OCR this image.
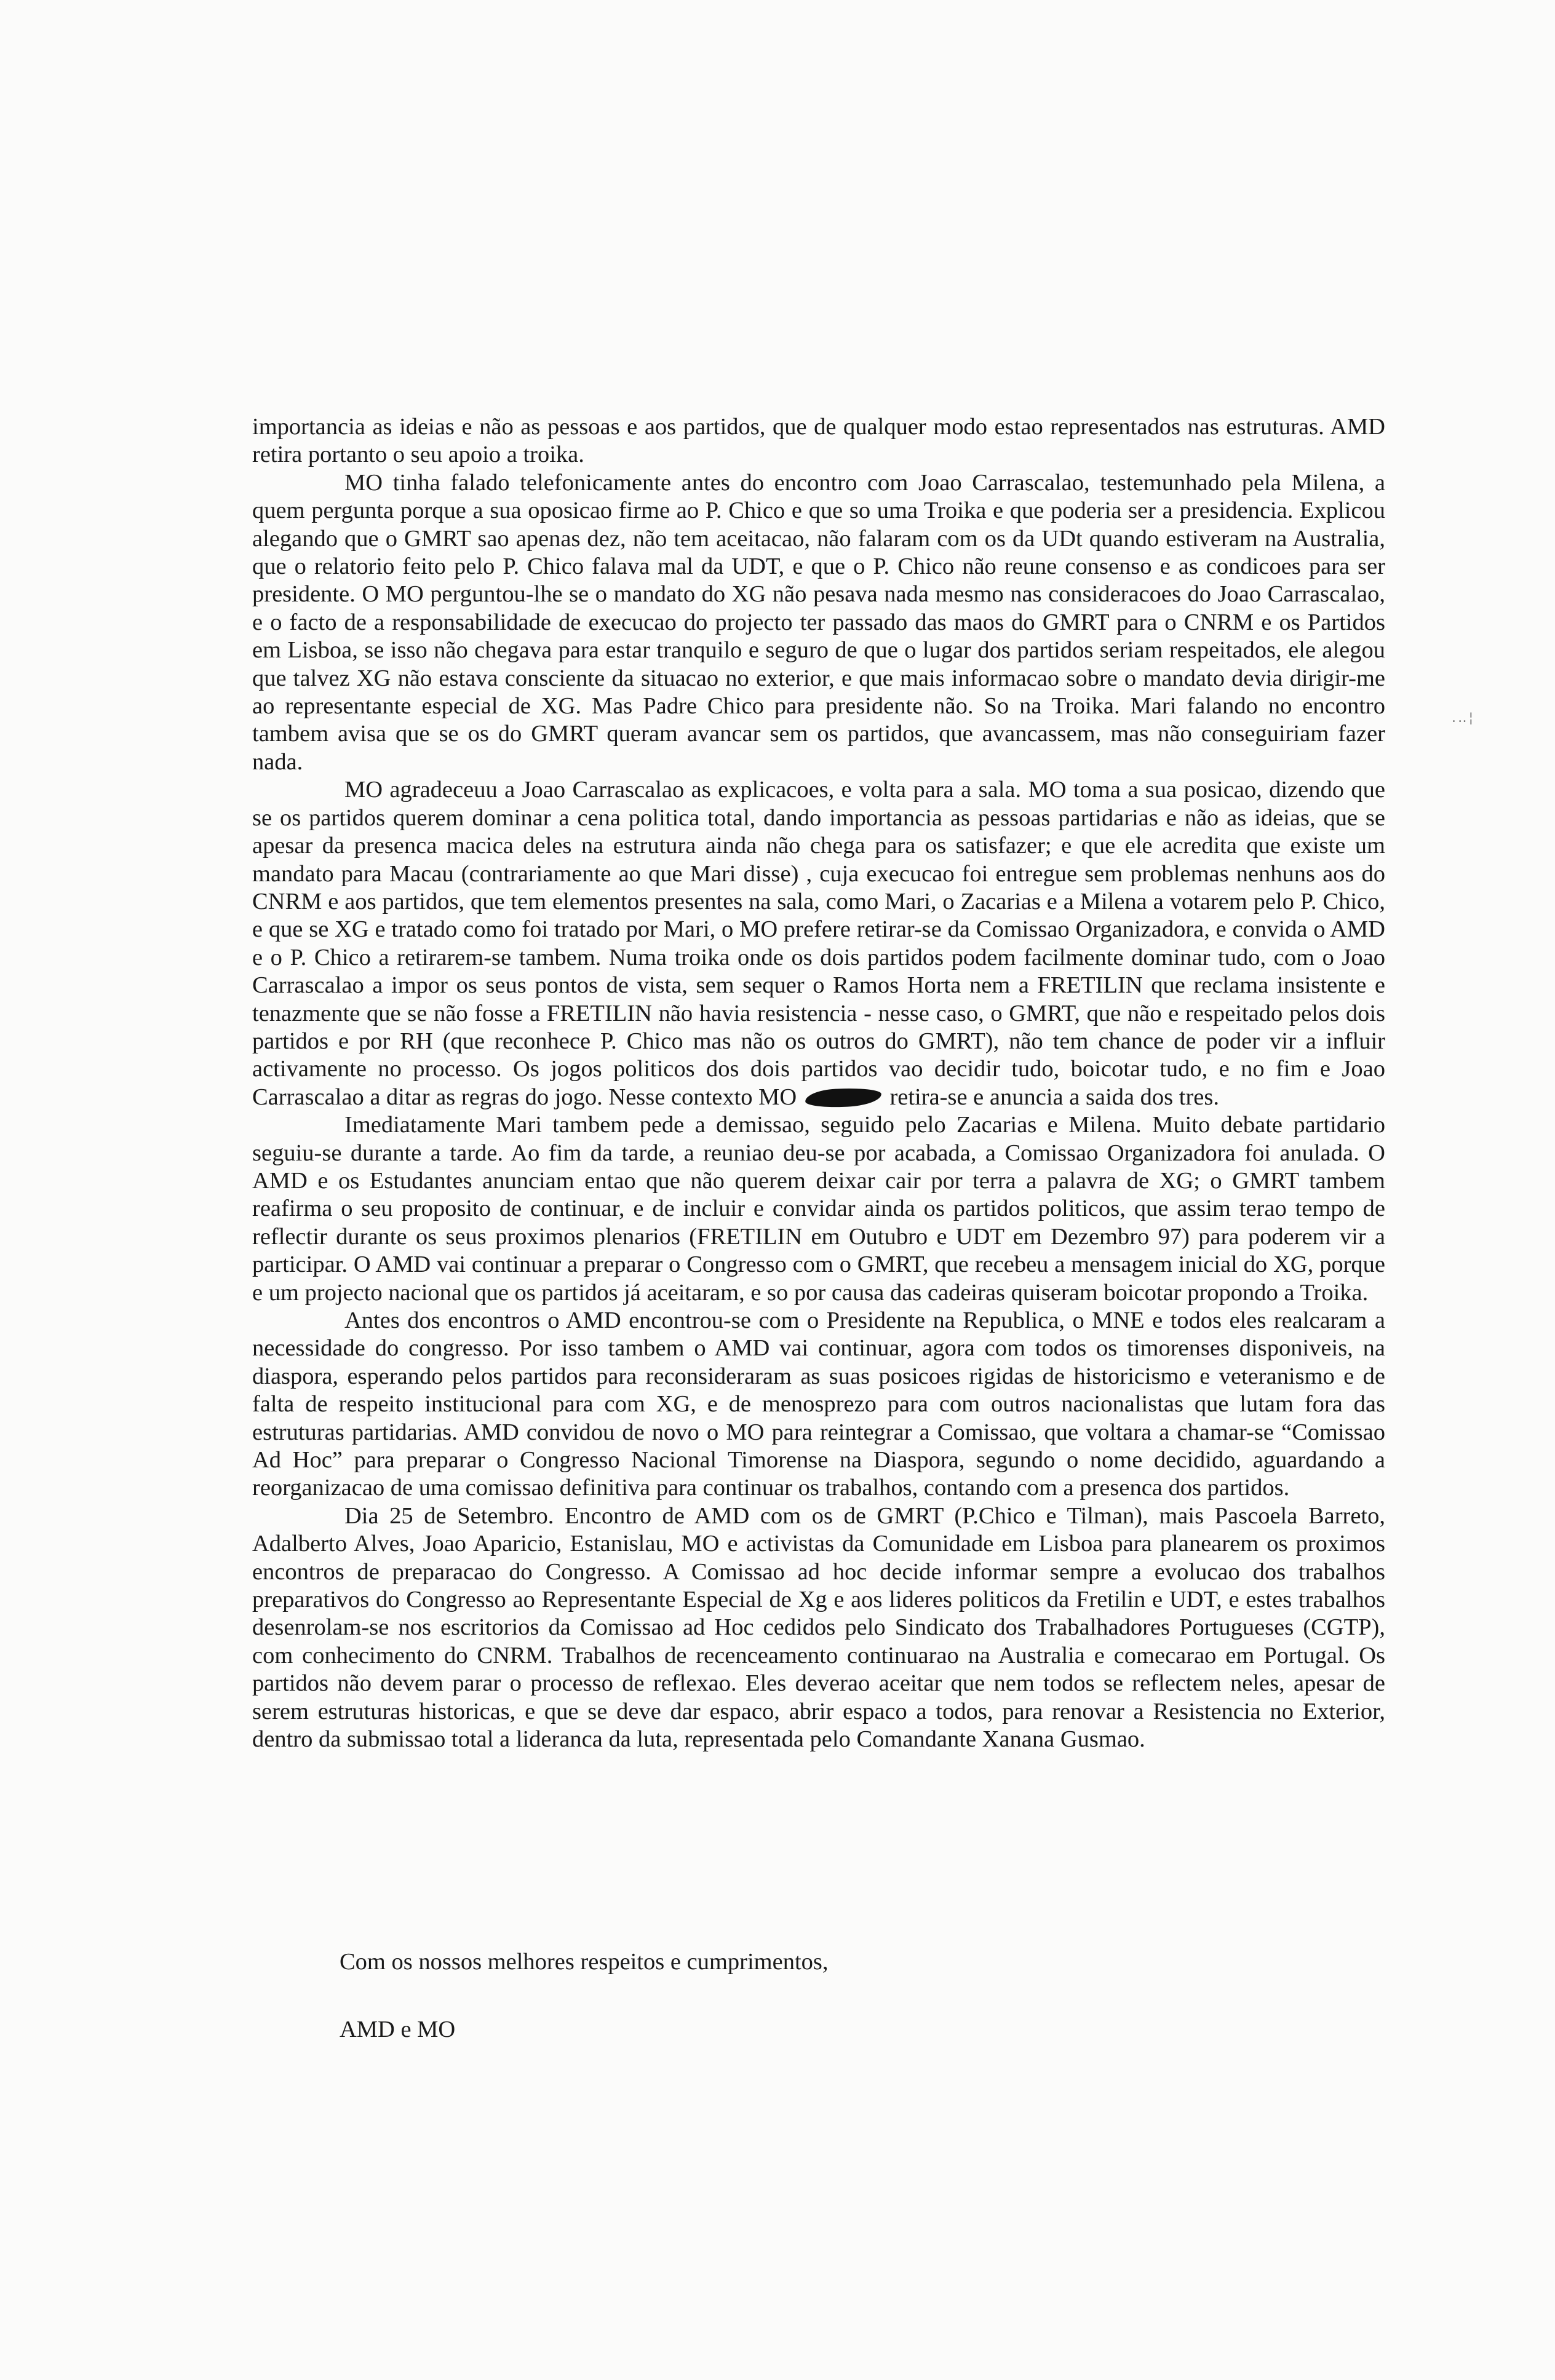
importancia as ideias e não as pessoas e aos partidos, que de qualquer modo estao representados nas estruturas. AMD retira portanto o seu apoio a troika.

MO tinha falado telefonicamente antes do encontro com Joao Carrascalao, testemunhado pela Milena, a quem pergunta porque a sua oposicao firme ao P. Chico e que so uma Troika e que poderia ser a presidencia. Explicou alegando que o GMRT sao apenas dez, não tem aceitacao, não falaram com os da UDt quando estiveram na Australia, que o relatorio feito pelo P. Chico falava mal da UDT, e que o P. Chico não reune consenso e as condicoes para ser presidente. O MO perguntou-lhe se o mandato do XG não pesava nada mesmo nas consideracoes do Joao Carrascalao, e o facto de a responsabilidade de execucao do projecto ter passado das maos do GMRT para o CNRM e os Partidos em Lisboa, se isso não chegava para estar tranquilo e seguro de que o lugar dos partidos seriam respeitados, ele alegou que talvez XG não estava consciente da situacao no exterior, e que mais informacao sobre o mandato devia dirigir-me ao representante especial de XG. Mas Padre Chico para presidente não. So na Troika. Mari falando no encontro tambem avisa que se os do GMRT queram avancar sem os partidos, que avancassem, mas não conseguiriam fazer nada.

MO agradeceuu a Joao Carrascalao as explicacoes, e volta para a sala. MO toma a sua posicao, dizendo que se os partidos querem dominar a cena politica total, dando importancia as pessoas partidarias e não as ideias, que se apesar da presenca macica deles na estrutura ainda não chega para os satisfazer; e que ele acredita que existe um mandato para Macau (contrariamente ao que Mari disse) , cuja execucao foi entregue sem problemas nenhuns aos do CNRM e aos partidos, que tem elementos presentes na sala, como Mari, o Zacarias e a Milena a votarem pelo P. Chico, e que se XG e tratado como foi tratado por Mari, o MO prefere retirar-se da Comissao Organizadora, e convida o AMD e o P. Chico a retirarem-se tambem. Numa troika onde os dois partidos podem facilmente dominar tudo, com o Joao Carrascalao a impor os seus pontos de vista, sem sequer o Ramos Horta nem a FRETILIN que reclama insistente e tenazmente que se não fosse a FRETILIN não havia resistencia - nesse caso, o GMRT, que não e respeitado pelos dois partidos e por RH (que reconhece P. Chico mas não os outros do GMRT), não tem chance de poder vir a influir activamente no processo. Os jogos politicos dos dois partidos vao decidir tudo, boicotar tudo, e no fim e Joao Carrascalao a ditar as regras do jogo. Nesse contexto MO	retira-se e anuncia a saida dos tres.

Imediatamente Mari tambem pede a demissao, seguido pelo Zacarias e Milena. Muito debate partidario seguiu-se durante a tarde. Ao fim da tarde, a reuniao deu-se por acabada, a Comissao Organizadora foi anulada. O AMD e os Estudantes anunciam entao que não querem deixar cair por terra a palavra de XG; o GMRT tambem reafirma o seu proposito de continuar, e de incluir e convidar ainda os partidos politicos, que assim terao tempo de reflectir durante os seus proximos plenarios (FRETILIN em Outubro e UDT em Dezembro 97) para poderem vir a participar. O AMD vai continuar a preparar o Congresso com o GMRT, que recebeu a mensagem inicial do XG, porque e um projecto nacional que os partidos já aceitaram, e so por causa das cadeiras quiseram boicotar propondo a Troika.

Antes dos encontros o AMD encontrou-se com o Presidente na Republica, o MNE e todos eles realcaram a necessidade do congresso. Por isso tambem o AMD vai continuar, agora com todos os timorenses disponiveis, na diaspora, esperando pelos partidos para reconsideraram as suas posicoes rigidas de historicismo e veteranismo e de falta de respeito institucional para com XG, e de menosprezo para com outros nacionalistas que lutam fora das estruturas partidarias. AMD convidou de novo o MO para reintegrar a Comissao, que voltara a chamar-se “Comissao Ad Hoc” para preparar o Congresso Nacional Timorense na Diaspora, segundo o nome decidido, aguardando a reorganizacao de uma comissao definitiva para continuar os trabalhos, contando com a presenca dos partidos.

Dia 25 de Setembro. Encontro de AMD com os de GMRT (P.Chico e Tilman), mais Pascoela Barreto, Adalberto Alves, Joao Aparicio, Estanislau, MO e activistas da Comunidade em Lisboa para planearem os proximos encontros de preparacao do Congresso. A Comissao ad hoc decide informar sempre a evolucao dos trabalhos preparativos do Congresso ao Representante Especial de Xg e aos lideres politicos da Fretilin e UDT, e estes trabalhos desenrolam-se nos escritorios da Comissao ad Hoc cedidos pelo Sindicato dos Trabalhadores Portugueses (CGTP), com conhecimento do CNRM. Trabalhos de recenceamento continuarao na Australia e comecarao em Portugal. Os partidos não devem parar o processo de reflexao. Eles deverao aceitar que nem todos se reflectem neles, apesar de serem estruturas historicas, e que se deve dar espaco, abrir espaco a todos, para renovar a Resistencia no Exterior, dentro da submissao total a lideranca da luta, representada pelo Comandante Xanana Gusmao.

Com os nossos melhores respeitos e cumprimentos,
AMD e MO
.‥¦
